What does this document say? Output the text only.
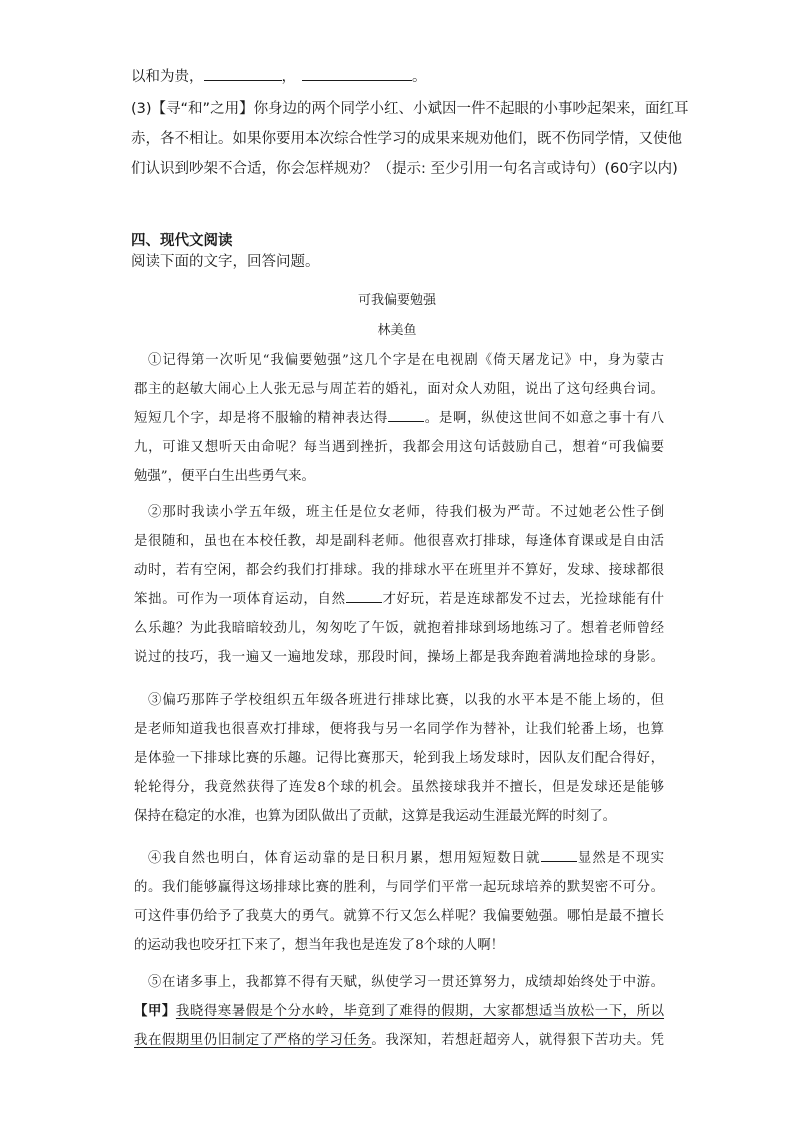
以和为贵，	，	。
(3)【寻“和”之用】你身边的两个同学小红、小斌因一件不起眼的小事吵起架来，面红耳
赤，各不相让。如果你要用本次综合性学习的成果来规劝他们，既不伤同学情，又使他
们认识到吵架不合适，你会怎样规劝？（提示: 至少引用一句名言或诗句）(60字以内)
四、现代文阅读
阅读下面的文字，回答问题。
可我偏要勉强
林美鱼
①记得第一次听见“我偏要勉强”这几个字是在电视剧《倚天屠龙记》中，身为蒙古
郡主的赵敏大闹心上人张无忌与周芷若的婚礼，面对众人劝阻，说出了这句经典台词。
短短几个字，却是将不服输的精神表达得	。是啊，纵使这世间不如意之事十有八
九，可谁又想听天由命呢？每当遇到挫折，我都会用这句话鼓励自己，想着“可我偏要
勉强”，便平白生出些勇气来。
②那时我读小学五年级，班主任是位女老师，待我们极为严苛。不过她老公性子倒
是很随和，虽也在本校任教，却是副科老师。他很喜欢打排球，每逢体育课或是自由活
动时，若有空闲，都会约我们打排球。我的排球水平在班里并不算好，发球、接球都很
笨拙。可作为一项体育运动，自然	才好玩，若是连球都发不过去，光捡球能有什
么乐趣？为此我暗暗较劲儿，匆匆吃了午饭，就抱着排球到场地练习了。想着老师曾经
说过的技巧，我一遍又一遍地发球，那段时间，操场上都是我奔跑着满地捡球的身影。
③偏巧那阵子学校组织五年级各班进行排球比赛，以我的水平本是不能上场的，但
是老师知道我也很喜欢打排球，便将我与另一名同学作为替补，让我们轮番上场，也算
是体验一下排球比赛的乐趣。记得比赛那天，轮到我上场发球时，因队友们配合得好，
轮轮得分，我竟然获得了连发8个球的机会。虽然接球我并不擅长，但是发球还是能够
保持在稳定的水准，也算为团队做出了贡献，这算是我运动生涯最光辉的时刻了。
④我自然也明白，体育运动靠的是日积月累，想用短短数日就	显然是不现实
的。我们能够赢得这场排球比赛的胜利，与同学们平常一起玩球培养的默契密不可分。
可这件事仍给予了我莫大的勇气。就算不行又怎么样呢？我偏要勉强。哪怕是最不擅长
的运动我也咬牙扛下来了，想当年我也是连发了8个球的人啊！
⑤在诸多事上，我都算不得有天赋，纵使学习一贯还算努力，成绩却始终处于中游。
【甲】我晓得寒暑假是个分水岭，毕竟到了难得的假期，大家都想适当放松一下，所以
我在假期里仍旧制定了严格的学习任务。我深知，若想赶超旁人，就得狠下苦功夫。凭
